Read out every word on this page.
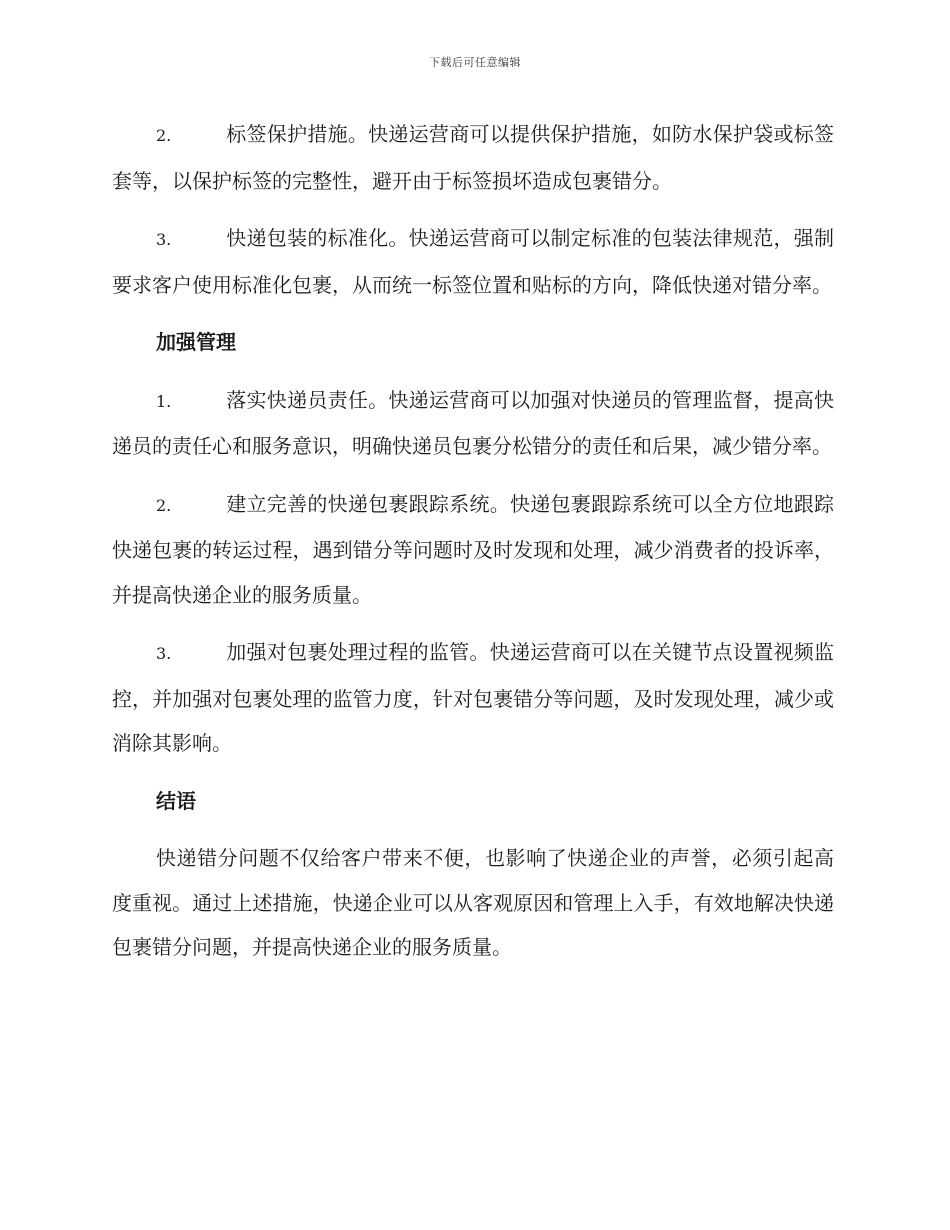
下载后可任意编辑

2.	标签保护措施。快递运营商可以提供保护措施，如防水保护袋或标签套等，以保护标签的完整性，避开由于标签损坏造成包裹错分。

3.	快递包装的标准化。快递运营商可以制定标准的包装法律规范，强制要求客户使用标准化包裹，从而统一标签位置和贴标的方向，降低快递对错分率。

加强管理

1.	落实快递员责任。快递运营商可以加强对快递员的管理监督，提高快递员的责任心和服务意识，明确快递员包裹分松错分的责任和后果，减少错分率。

2.	建立完善的快递包裹跟踪系统。快递包裹跟踪系统可以全方位地跟踪快递包裹的转运过程，遇到错分等问题时及时发现和处理，减少消费者的投诉率，并提高快递企业的服务质量。

3.	加强对包裹处理过程的监管。快递运营商可以在关键节点设置视频监控，并加强对包裹处理的监管力度，针对包裹错分等问题，及时发现处理，减少或消除其影响。

结语

快递错分问题不仅给客户带来不便，也影响了快递企业的声誉，必须引起高度重视。通过上述措施，快递企业可以从客观原因和管理上入手，有效地解决快递包裹错分问题，并提高快递企业的服务质量。
